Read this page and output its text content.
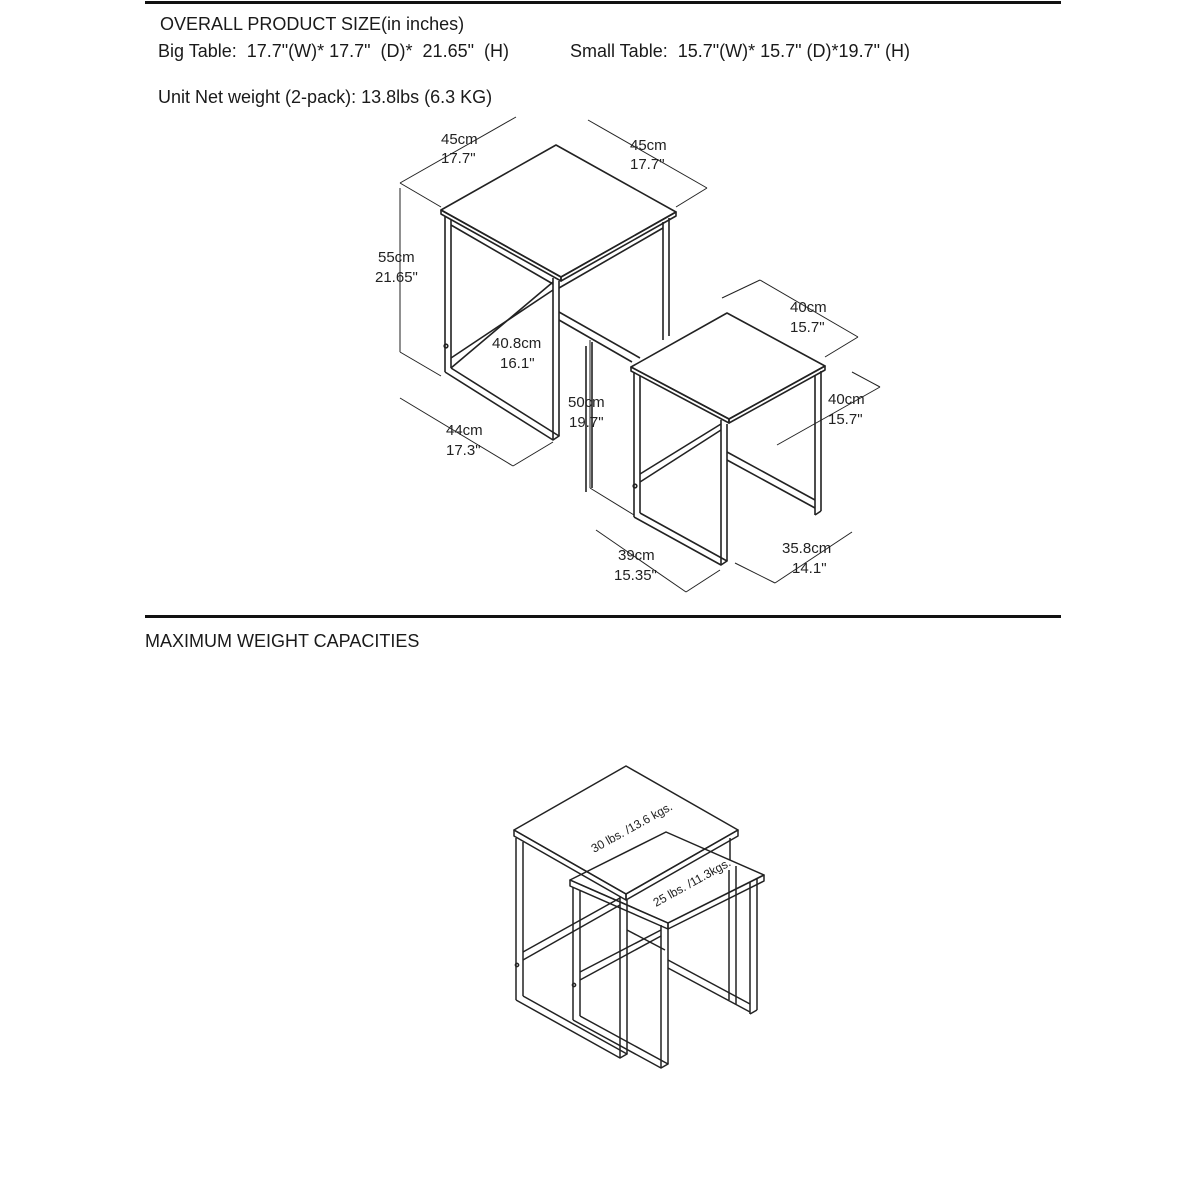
OVERALL PRODUCT SIZE(in inches)
Big Table:  17.7"(W)* 17.7"  (D)*  21.65"  (H)	Small Table:  15.7"(W)* 15.7" (D)*19.7" (H)
Unit Net weight (2-pack): 13.8lbs (6.3 KG)
MAXIMUM WEIGHT CAPACITIES
45cm
17.7"
45cm
17.7"
55cm
21.65"
40.8cm
16.1"
44cm
17.3"
40cm
15.7"
40cm
15.7"
50cm
19.7"
39cm
15.35"
35.8cm
14.1"
30 lbs. /13.6 kgs.
25 lbs. /11.3kgs.
